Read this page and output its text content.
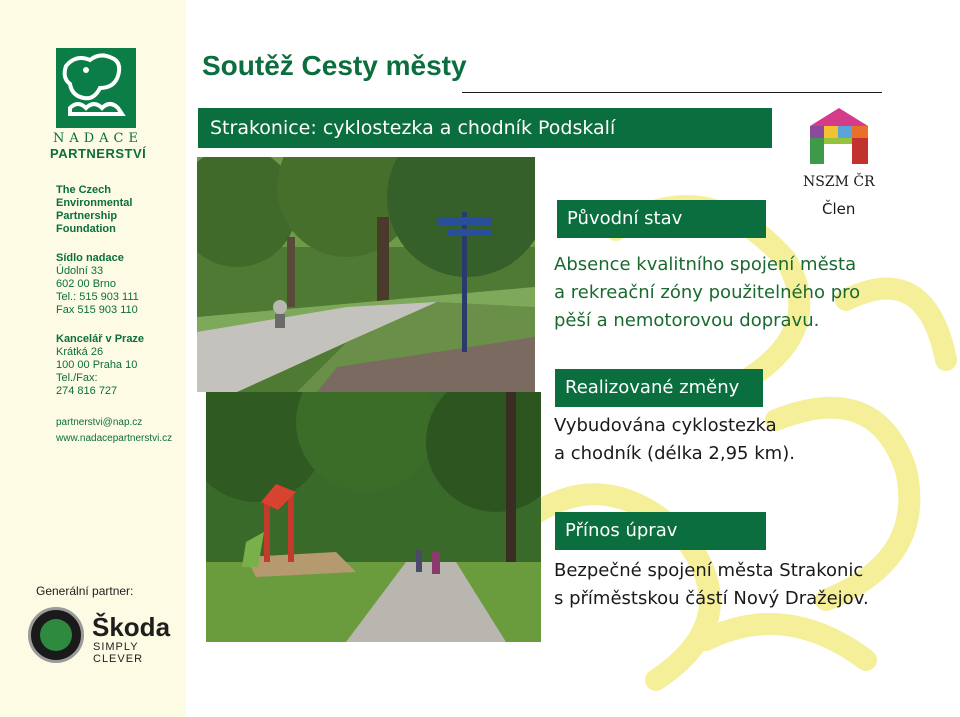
NADACE
PARTNERSTVÍ
The Czech
Environmental
Partnership
Foundation
Sídlo nadace
Údolní 33
602 00 Brno
Tel.: 515 903 111
Fax 515 903 110
Kancelář v Praze
Krátká 26
100 00 Praha 10
Tel./Fax:
274 816 727
partnerstvi@nap.cz
www.nadacepartnerstvi.cz
Generální partner:
Škoda
SIMPLY CLEVER
Soutěž Cesty městy
Strakonice: cyklostezka a chodník Podskalí
NSZM ČR
Člen
Původní stav
Absence kvalitního spojení města
a rekreační zóny použitelného pro
pěší a nemotorovou dopravu.
Realizované změny
Vybudována cyklostezka
a chodník (délka 2,95 km).
Přínos úprav
Bezpečné spojení města Strakonic
s příměstskou částí Nový Dražejov.
